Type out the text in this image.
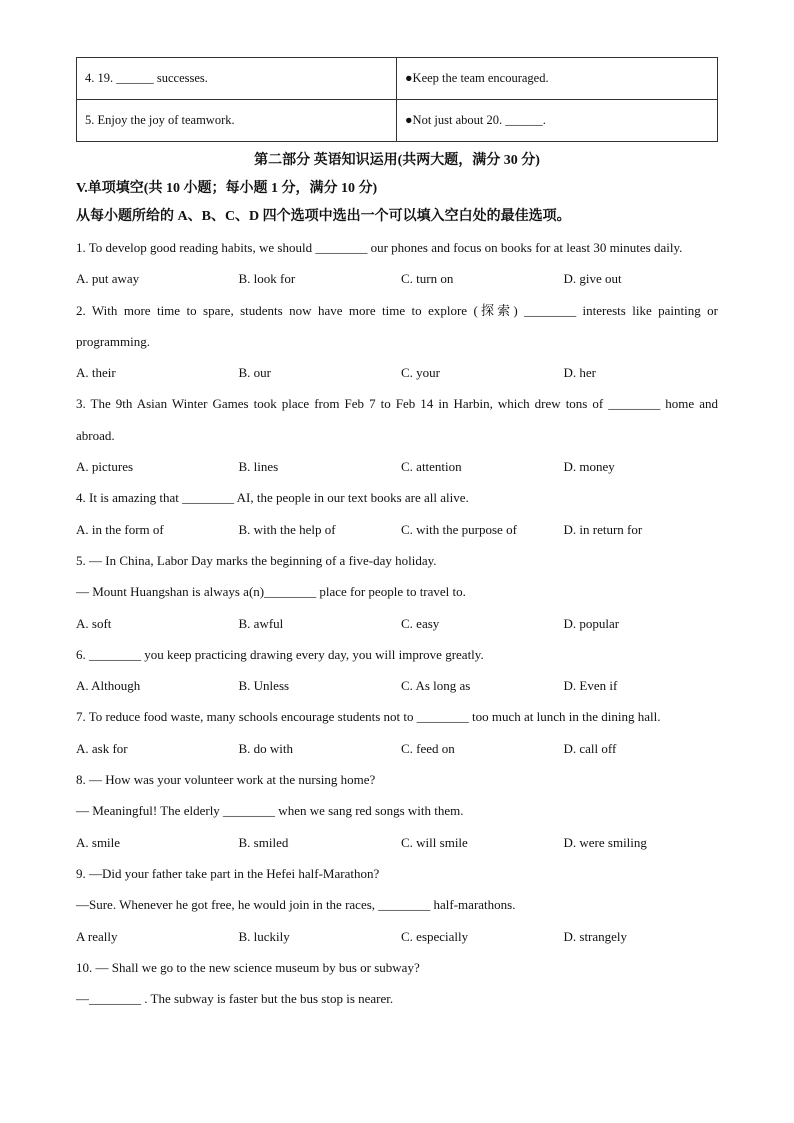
4. 19. ______ successes.	●Keep the team encouraged.
5. Enjoy the joy of teamwork.	●Not just about 20. ______.
第二部分 英语知识运用(共两大题，满分 30 分)
V.单项填空(共 10 小题；每小题 1 分，满分 10 分)
从每小题所给的 A、B、C、D 四个选项中选出一个可以填入空白处的最佳选项。
1. To develop good reading habits, we should ________ our phones and focus on books for at least 30 minutes daily.
A. put away	B. look for	C. turn on	D. give out
2. With more time to spare, students now have more time to explore (探索) ________ interests like painting or programming.
A. their	B. our	C. your	D. her
3. The 9th Asian Winter Games took place from Feb 7 to Feb 14 in Harbin, which drew tons of ________ home and abroad.
A. pictures	B. lines	C. attention	D. money
4. It is amazing that ________ AI, the people in our text books are all alive.
A. in the form of	B. with the help of	C. with the purpose of	D. in return for
5. — In China, Labor Day marks the beginning of a five-day holiday.
— Mount Huangshan is always a(n)________ place for people to travel to.
A. soft	B. awful	C. easy	D. popular
6. ________ you keep practicing drawing every day, you will improve greatly.
A. Although	B. Unless	C. As long as	D. Even if
7. To reduce food waste, many schools encourage students not to ________ too much at lunch in the dining hall.
A. ask for	B. do with	C. feed on	D. call off
8. — How was your volunteer work at the nursing home?
— Meaningful! The elderly ________ when we sang red songs with them.
A. smile	B. smiled	C. will smile	D. were smiling
9. —Did your father take part in the Hefei half-Marathon?
—Sure. Whenever he got free, he would join in the races, ________ half-marathons.
A really	B. luckily	C. especially	D. strangely
10. — Shall we go to the new science museum by bus or subway?
—________ . The subway is faster but the bus stop is nearer.
